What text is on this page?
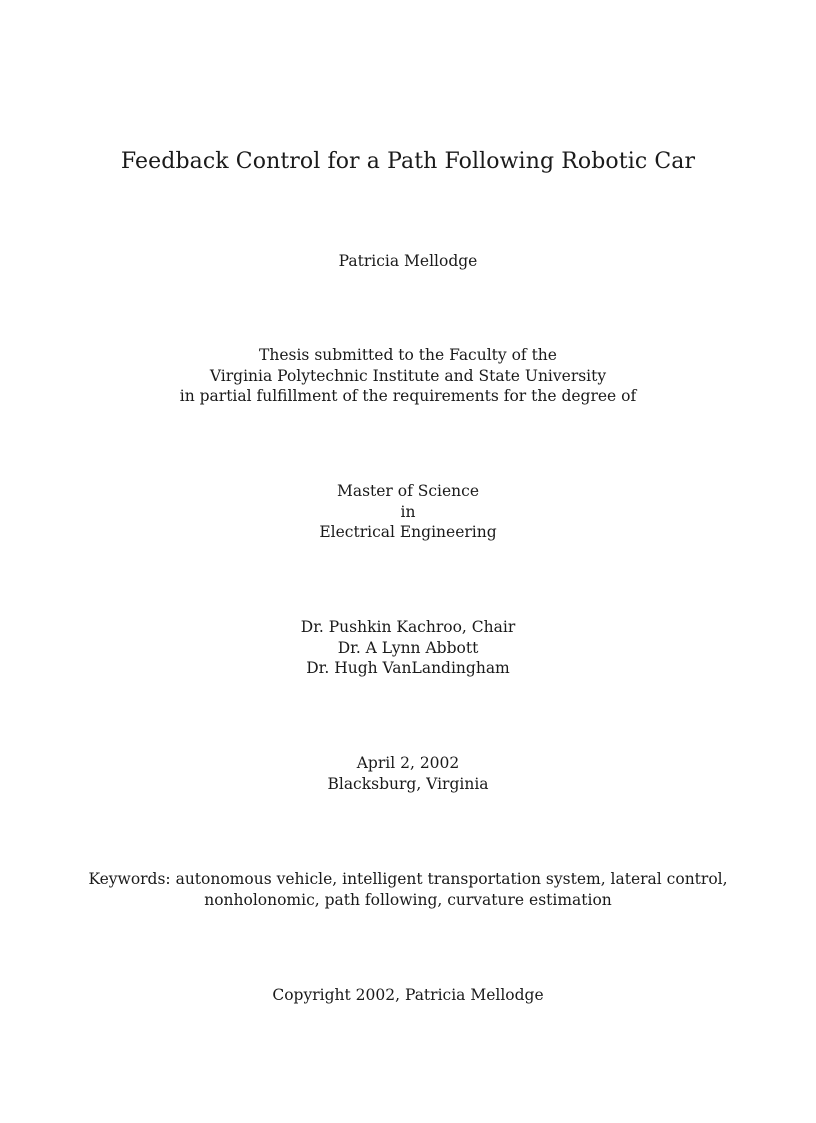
Feedback Control for a Path Following Robotic Car
Patricia Mellodge
Thesis submitted to the Faculty of the
Virginia Polytechnic Institute and State University
in partial fulfillment of the requirements for the degree of
Master of Science
in
Electrical Engineering
Dr. Pushkin Kachroo, Chair
Dr. A Lynn Abbott
Dr. Hugh VanLandingham
April 2, 2002
Blacksburg, Virginia
Keywords: autonomous vehicle, intelligent transportation system, lateral control,
nonholonomic, path following, curvature estimation
Copyright 2002, Patricia Mellodge
